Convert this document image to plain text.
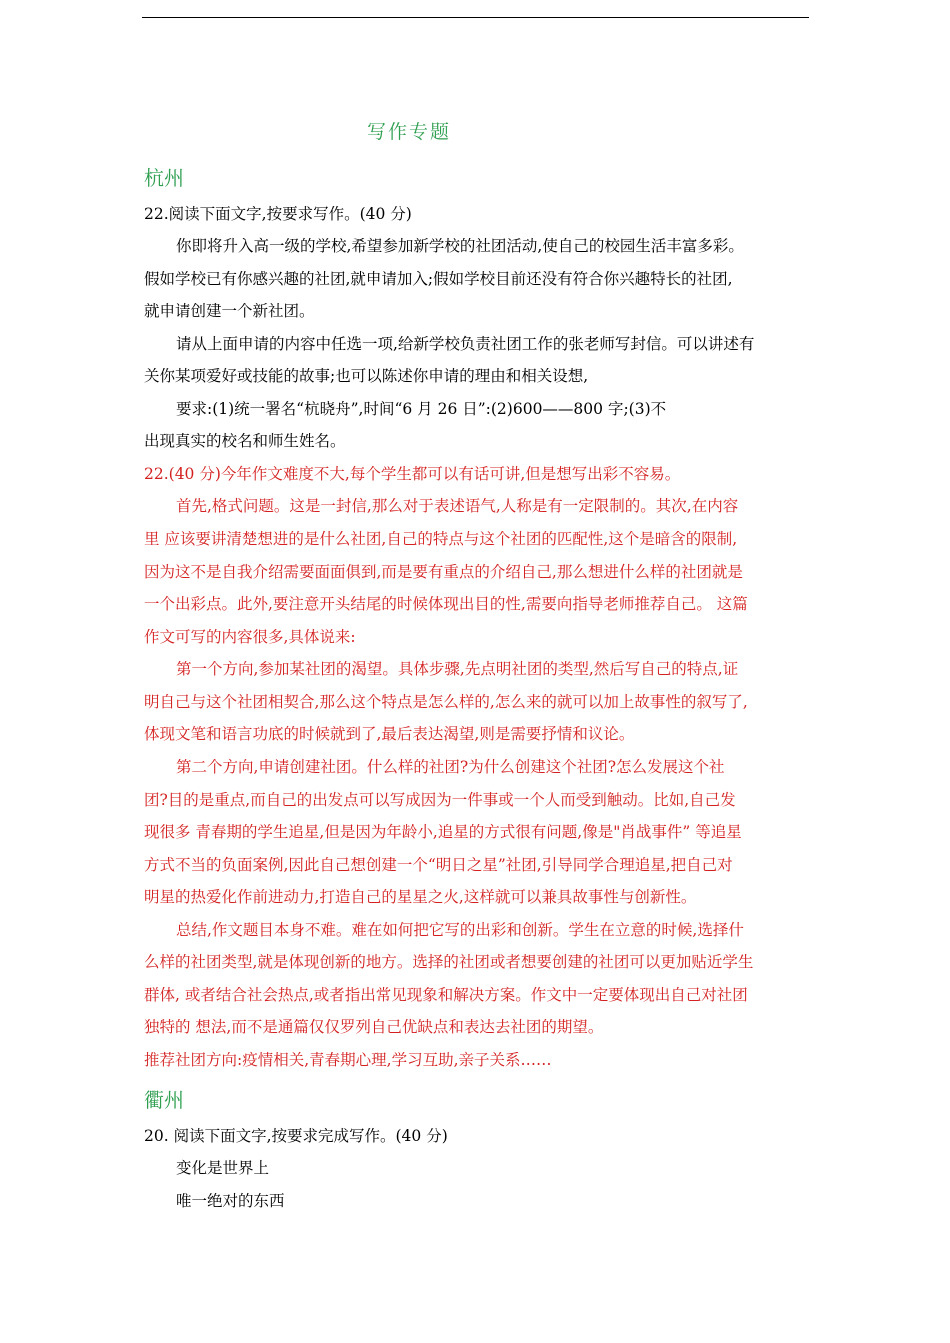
写作专题
杭州
22.阅读下面文字,按要求写作。(40 分)
你即将升入高一级的学校,希望参加新学校的社团活动,使自己的校园生活丰富多彩。
假如学校已有你感兴趣的社团,就申请加入;假如学校目前还没有符合你兴趣特长的社团,
就申请创建一个新社团。
请从上面申请的内容中任选一项,给新学校负责社团工作的张老师写封信。可以讲述有
关你某项爱好或技能的故事;也可以陈述你申请的理由和相关设想,
要求:(1)统一署名“杭晓舟”,时间“6 月 26 日”:(2)600——800 字;(3)不
出现真实的校名和师生姓名。
22.(40 分)今年作文难度不大,每个学生都可以有话可讲,但是想写出彩不容易。
首先,格式问题。这是一封信,那么对于表述语气,人称是有一定限制的。其次,在内容
里 应该要讲清楚想进的是什么社团,自己的特点与这个社团的匹配性,这个是暗含的限制,
因为这不是自我介绍需要面面俱到,而是要有重点的介绍自己,那么想进什么样的社团就是
一个出彩点。此外,要注意开头结尾的时候体现出目的性,需要向指导老师推荐自己。 这篇
作文可写的内容很多,具体说来:
第一个方向,参加某社团的渴望。具体步骤,先点明社团的类型,然后写自己的特点,证
明自己与这个社团相契合,那么这个特点是怎么样的,怎么来的就可以加上故事性的叙写了,
体现文笔和语言功底的时候就到了,最后表达渴望,则是需要抒情和议论。
第二个方向,申请创建社团。什么样的社团?为什么创建这个社团?怎么发展这个社
团?目的是重点,而自己的出发点可以写成因为一件事或一个人而受到触动。比如,自己发
现很多 青春期的学生追星,但是因为年龄小,追星的方式很有问题,像是"肖战事件” 等追星
方式不当的负面案例,因此自己想创建一个“明日之星”社团,引导同学合理追星,把自己对
明星的热爱化作前进动力,打造自己的星星之火,这样就可以兼具故事性与创新性。
总结,作文题目本身不难。难在如何把它写的出彩和创新。学生在立意的时候,选择什
么样的社团类型,就是体现创新的地方。选择的社团或者想要创建的社团可以更加贴近学生
群体, 或者结合社会热点,或者指出常见现象和解决方案。作文中一定要体现出自己对社团
独特的 想法,而不是通篇仅仅罗列自己优缺点和表达去社团的期望。
推荐社团方向:疫情相关,青春期心理,学习互助,亲子关系……
衢州
20. 阅读下面文字,按要求完成写作。(40 分)
变化是世界上
唯一绝对的东西
